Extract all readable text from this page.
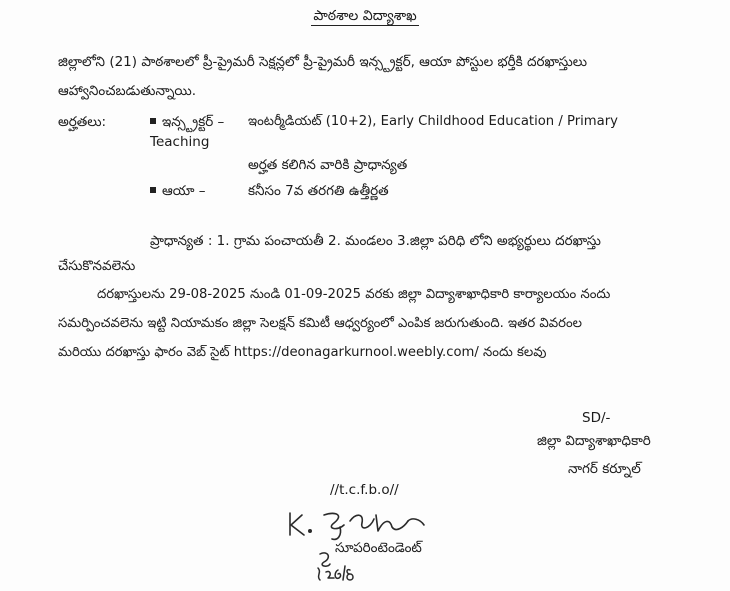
పాఠశాల విద్యాశాఖ
జిల్లాలోని (21) పాఠశాలలో ప్రీ-ప్రైమరీ సెక్షన్లలో ప్రీ-ప్రైమరీ ఇన్స్ట్రక్టర్, ఆయా పోస్టుల భర్తీకి దరఖాస్తులు
ఆహ్వానించబడుతున్నాయి.
అర్హతలు:	ఇన్స్ట్రక్టర్ – ఇంటర్మీడియట్ (10+2), Early Childhood Education / Primary
Teaching
అర్హత కలిగిన వారికి ప్రాధాన్యత
ఆయా –	కనీసం 7వ తరగతి ఉత్తీర్ణత
ప్రాధాన్యత : 1. గ్రామ పంచాయతీ 2. మండలం 3.జిల్లా పరిధి లోని అభ్యర్థులు దరఖాస్తు
చేసుకొనవలెను
దరఖాస్తులను 29-08-2025 నుండి 01-09-2025 వరకు జిల్లా విద్యాశాఖాధికారి కార్యాలయం నందు
సమర్పించవలెను ఇట్టి నియామకం జిల్లా సెలక్షన్ కమిటీ ఆధ్వర్యంలో ఎంపిక జరుగుతుంది. ఇతర వివరంల
మరియు దరఖాస్తు ఫారం వెబ్ సైట్ https://deonagarkurnool.weebly.com/ నందు కలవు
SD/-
జిల్లా విద్యాశాఖాధికారి
నాగర్ కర్నూల్
//t.c.f.b.o//
సూపరింటెండెంట్
